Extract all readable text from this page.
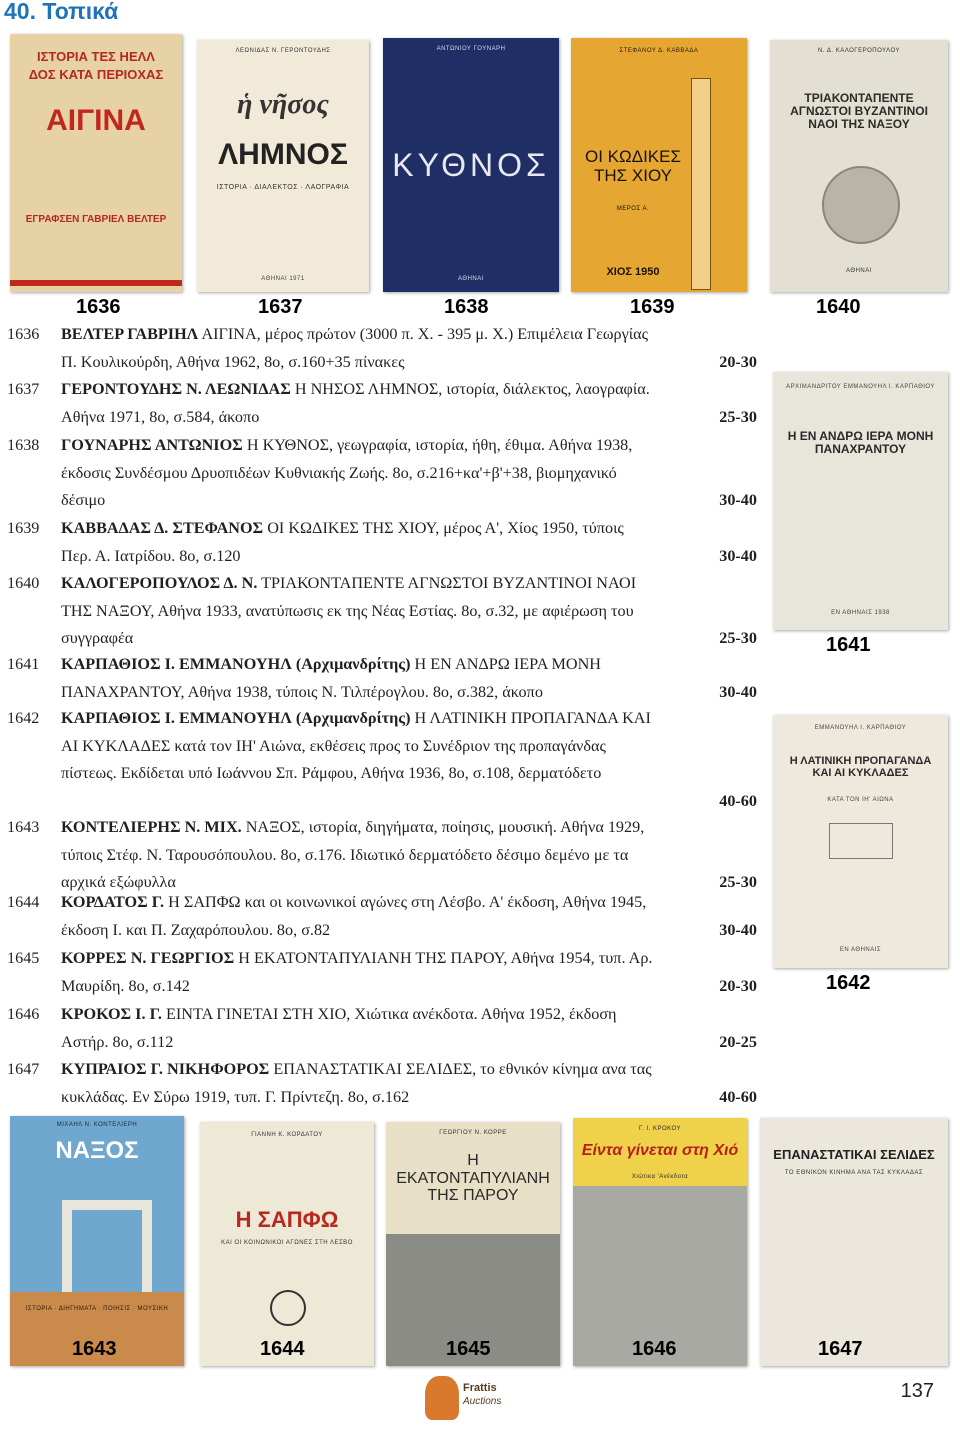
40. Τοπικά
ΙΣΤΟΡΙΑ ΤΕΣ ΗΕΛΛ
ΔΟΣ ΚΑΤΑ ΠΕΡΙΟΧΑΣ
ΑΙΓΙΝΑ
ΕΓΡΑΦΣΕΝ ΓΑΒΡΙΕΛ ΒΕΛΤΕΡ
ΛΕΩΝΙΔΑΣ Ν. ΓΕΡΟΝΤΟΥΔΗΣ
ἡ νῆσος
ΛΗΜΝΟΣ
ΙΣΤΟΡΙΑ · ΔΙΑΛΕΚΤΟΣ · ΛΑΟΓΡΑΦΙΑ
ΑΘΗΝΑΙ 1971
ΑΝΤΩΝΙΟΥ ΓΟΥΝΑΡΗ
ΚΥΘΝΟΣ
ΑΘΗΝΑΙ
ΣΤΕΦΑΝΟΥ Δ. ΚΑΒΒΑΔΑ
ΟΙ ΚΩΔΙΚΕΣ ΤΗΣ ΧΙΟΥ
ΜΕΡΟΣ Α.
ΧΙΟΣ 1950
Ν. Δ. ΚΑΛΟΓΕΡΟΠΟΥΛΟΥ
ΤΡΙΑΚΟΝΤΑΠΕΝΤΕ ΑΓΝΩΣΤΟΙ ΒΥΖΑΝΤΙΝΟΙ ΝΑΟΙ ΤΗΣ ΝΑΞΟΥ
ΑΘΗΝΑΙ
1636	1637	1638	1639	1640
ΑΡΧΙΜΑΝΔΡΙΤΟΥ ΕΜΜΑΝΟΥΗΛ Ι. ΚΑΡΠΑΘΙΟΥ
Η ΕΝ ΑΝΔΡΩ ΙΕΡΑ ΜΟΝΗ ΠΑΝΑΧΡΑΝΤΟΥ
ΕΝ ΑΘΗΝΑΙΣ 1938
1641
ΕΜΜΑΝΟΥΗΛ Ι. ΚΑΡΠΑΘΙΟΥ
Η ΛΑΤΙΝΙΚΗ ΠΡΟΠΑΓΑΝΔΑ ΚΑΙ ΑΙ ΚΥΚΛΑΔΕΣ
ΚΑΤΑ ΤΟΝ ΙΗ' ΑΙΩΝΑ
ΕΝ ΑΘΗΝΑΙΣ
1642
1636 ΒΕΛΤΕΡ ΓΑΒΡΙΗΛ ΑΙΓΙΝΑ, μέρος πρώτον (3000 π. Χ. - 395 μ. Χ.) Επιμέλεια Γεωργίας
Π. Κουλικούρδη, Αθήνα 1962, 8ο, σ.160+35 πίνακες	20-30
1637 ΓΕΡΟΝΤΟΥΔΗΣ Ν. ΛΕΩΝΙΔΑΣ Η ΝΗΣΟΣ ΛΗΜΝΟΣ, ιστορία, διάλεκτος, λαογραφία.
Αθήνα 1971, 8ο, σ.584, άκοπο	25-30
1638 ΓΟΥΝΑΡΗΣ ΑΝΤΩΝΙΟΣ Η ΚΥΘΝΟΣ, γεωγραφία, ιστορία, ήθη, έθιμα. Αθήνα 1938,
έκδοσις Συνδέσμου Δρυοπιδέων Κυθνιακής Ζωής. 8ο, σ.216+κα'+β'+38, βιομηχανικό
δέσιμο	30-40
1639 ΚΑΒΒΑΔΑΣ Δ. ΣΤΕΦΑΝΟΣ ΟΙ ΚΩΔΙΚΕΣ ΤΗΣ ΧΙΟΥ, μέρος Α', Χίος 1950, τύποις
Περ. Α. Ιατρίδου. 8ο, σ.120	30-40
1640 ΚΑΛΟΓΕΡΟΠΟΥΛΟΣ Δ. Ν. ΤΡΙΑΚΟΝΤΑΠΕΝΤΕ ΑΓΝΩΣΤΟΙ ΒΥΖΑΝΤΙΝΟΙ ΝΑΟΙ
ΤΗΣ ΝΑΞΟΥ, Αθήνα 1933, ανατύπωσις εκ της Νέας Εστίας. 8ο, σ.32, με αφιέρωση του
συγγραφέα	25-30
1641 ΚΑΡΠΑΘΙΟΣ Ι. ΕΜΜΑΝΟΥΗΛ (Αρχιμανδρίτης) Η ΕΝ ΑΝΔΡΩ ΙΕΡΑ ΜΟΝΗ
ΠΑΝΑΧΡΑΝΤΟΥ, Αθήνα 1938, τύποις Ν. Τιλπέρογλου. 8ο, σ.382, άκοπο	30-40
1642 ΚΑΡΠΑΘΙΟΣ Ι. ΕΜΜΑΝΟΥΗΛ (Αρχιμανδρίτης) Η ΛΑΤΙΝΙΚΗ ΠΡΟΠΑΓΑΝΔΑ ΚΑΙ
ΑΙ ΚΥΚΛΑΔΕΣ κατά τον ΙΗ' Αιώνα, εκθέσεις προς το Συνέδριον της προπαγάνδας
πίστεως. Εκδίδεται υπό Ιωάννου Σπ. Ράμφου, Αθήνα 1936, 8ο, σ.108, δερματόδετο

40-60
1643 ΚΟΝΤΕΛΙΕΡΗΣ Ν. ΜΙΧ. ΝΑΞΟΣ, ιστορία, διηγήματα, ποίησις, μουσική. Αθήνα 1929,
τύποις Στέφ. Ν. Ταρουσόπουλου. 8ο, σ.176. Ιδιωτικό δερματόδετο δέσιμο δεμένο με τα
αρχικά εξώφυλλα	25-30
1644 ΚΟΡΔΑΤΟΣ Γ. Η ΣΑΠΦΩ και οι κοινωνικοί αγώνες στη Λέσβο. Α' έκδοση, Αθήνα 1945,
έκδοση Ι. και Π. Ζαχαρόπουλου. 8ο, σ.82	30-40
1645 ΚΟΡΡΕΣ Ν. ΓΕΩΡΓΙΟΣ Η ΕΚΑΤΟΝΤΑΠΥΛΙΑΝΗ ΤΗΣ ΠΑΡΟΥ, Αθήνα 1954, τυπ. Αρ.
Μαυρίδη. 8ο, σ.142	20-30
1646 ΚΡΟΚΟΣ Ι. Γ. ΕΙΝΤΑ ΓΙΝΕΤΑΙ ΣΤΗ ΧΙΟ, Χιώτικα ανέκδοτα. Αθήνα 1952, έκδοση
Αστήρ. 8ο, σ.112	20-25
1647 ΚΥΠΡΑΙΟΣ Γ. ΝΙΚΗΦΟΡΟΣ ΕΠΑΝΑΣΤΑΤΙΚΑΙ ΣΕΛΙΔΕΣ, το εθνικόν κίνημα ανα τας
κυκλάδας. Εν Σύρω 1919, τυπ. Γ. Πρίντεζη. 8ο, σ.162	40-60
ΜΙΧΑΗΛ Ν. ΚΟΝΤΕΛΙΕΡΗ
ΝΑΞΟΣ
ΙΣΤΟΡΙΑ · ΔΙΗΓΗΜΑΤΑ · ΠΟΙΗΣΙΣ · ΜΟΥΣΙΚΗ
ΓΙΑΝΝΗ Κ. ΚΟΡΔΑΤΟΥ
Η ΣΑΠΦΩ
ΚΑΙ ΟΙ ΚΟΙΝΩΝΙΚΟΙ ΑΓΩΝΕΣ ΣΤΗ ΛΕΣΒΟ
ΓΕΩΡΓΙΟΥ Ν. ΚΟΡΡΕ
Η ΕΚΑΤΟΝΤΑΠΥΛΙΑΝΗ ΤΗΣ ΠΑΡΟΥ
Γ. Ι. ΚΡΟΚΟΥ
Είντα γίνεται στη Χιό
Χιώτικα 'Ανέκδοτα
ΕΠΑΝΑΣΤΑΤΙΚΑΙ ΣΕΛΙΔΕΣ
ΤΟ ΕΘΝΙΚΟΝ ΚΙΝΗΜΑ ΑΝΑ ΤΑΣ ΚΥΚΛΑΔΑΣ
1643	1644	1645	1646	1647
Frattis
Auctions	137
